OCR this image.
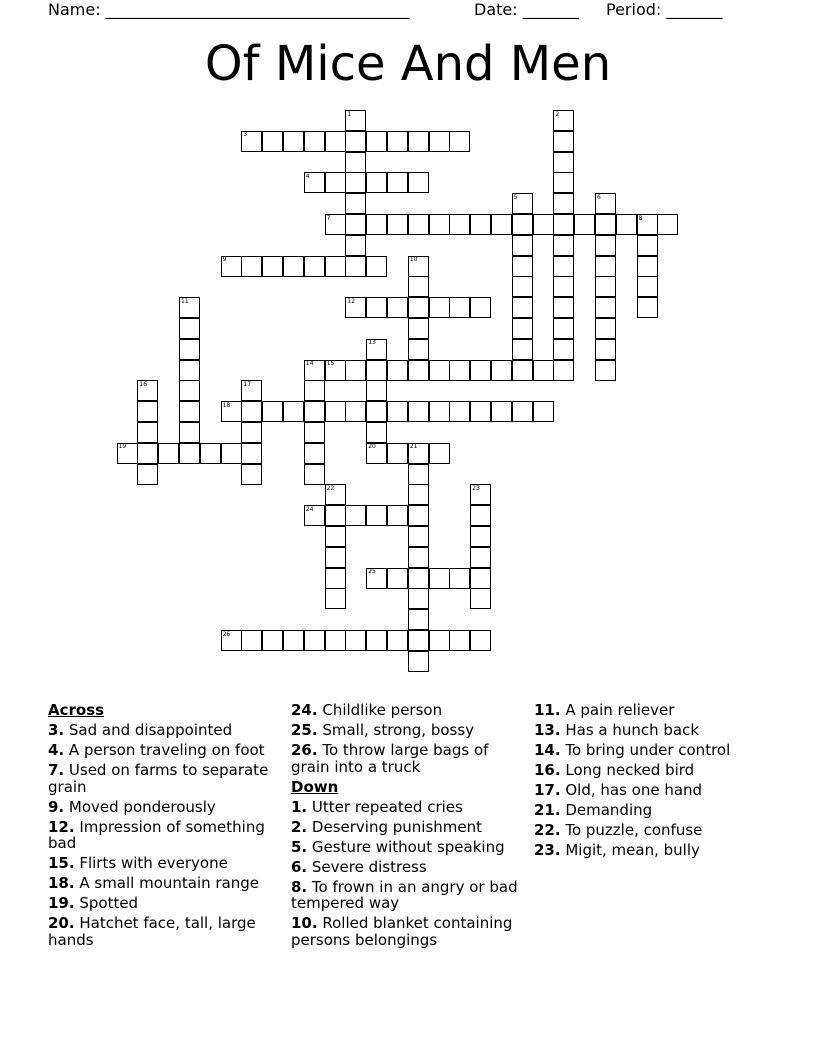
Name: ______________________________________

	Date: _______

Period: _______

Of Mice And Men
1	2
3
4
5	6
7	8
9	10
11	12
13
14 15
16	17
18
19	20	21
22	23
24
25
26
Across
3. Sad and disappointed
4. A person traveling on foot
7. Used on farms to separate grain
9. Moved ponderously
12. Impression of something bad
15. Flirts with everyone
18. A small mountain range
19. Spotted
20. Hatchet face, tall, large hands
24. Childlike person
25. Small, strong, bossy
26. To throw large bags of grain into a truck
Down
1. Utter repeated cries
2. Deserving punishment
5. Gesture without speaking
6. Severe distress
8. To frown in an angry or bad tempered way
10. Rolled blanket containing persons belongings
11. A pain reliever
13. Has a hunch back
14. To bring under control
16. Long necked bird
17. Old, has one hand
21. Demanding
22. To puzzle, confuse
23. Migit, mean, bully
